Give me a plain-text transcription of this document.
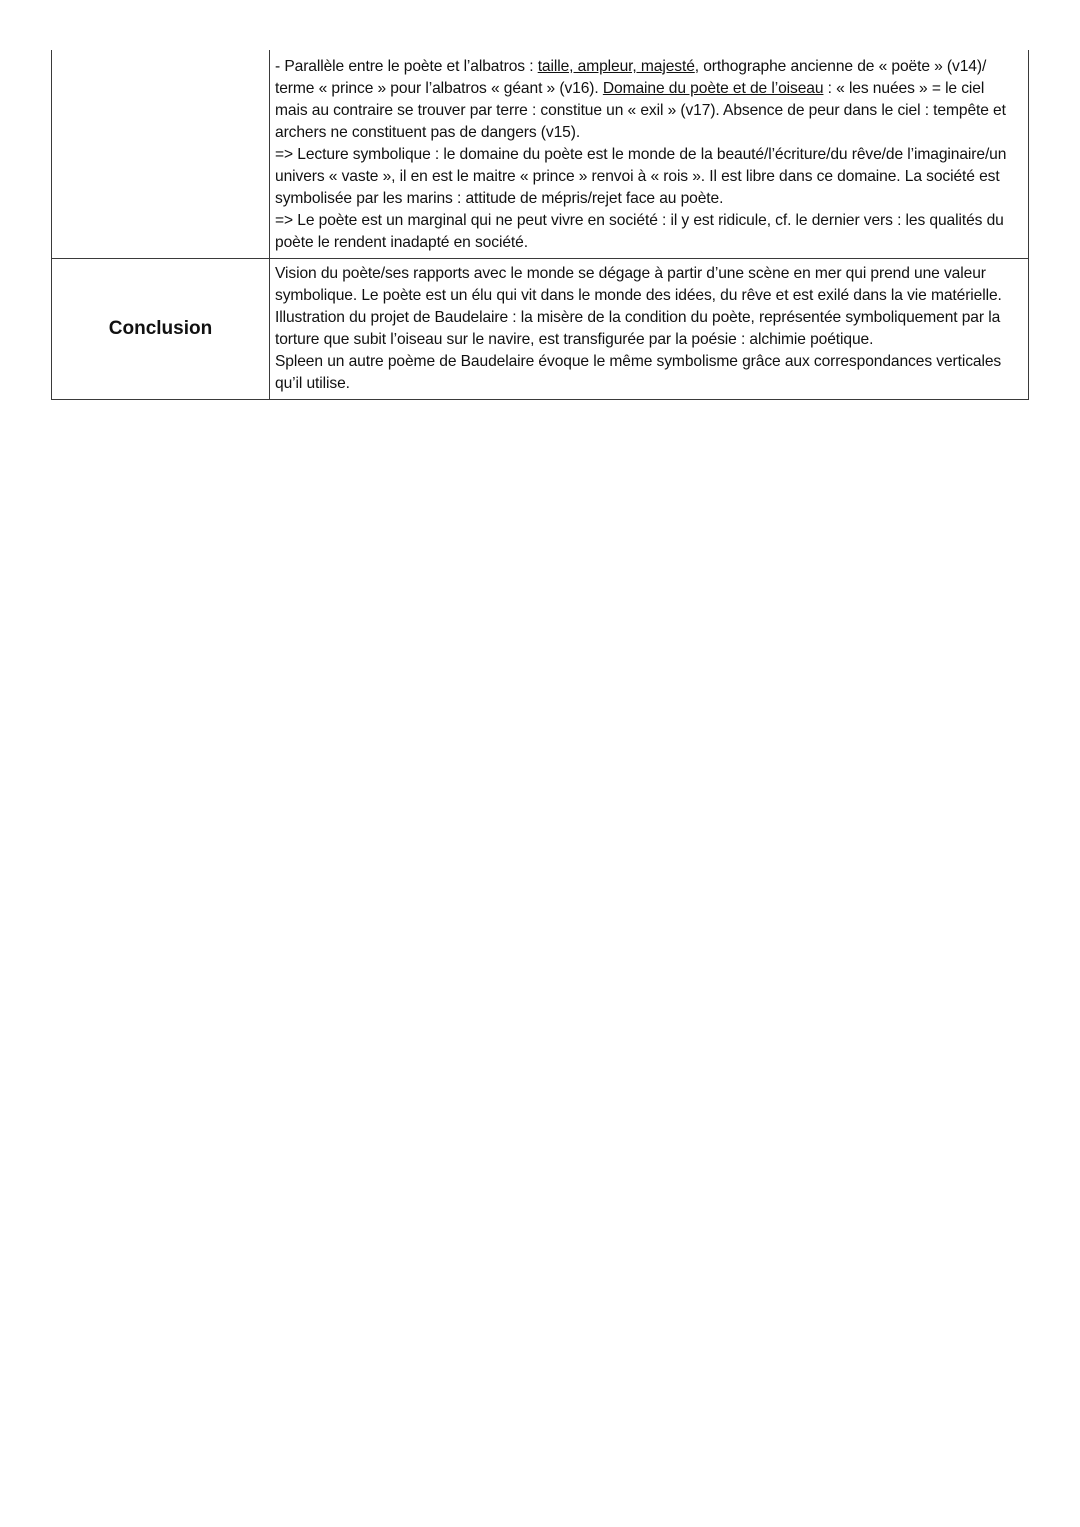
	- Parallèle entre le poète et l’albatros : taille, ampleur, majesté, orthographe ancienne de « poëte » (v14)/ terme « prince » pour l’albatros « géant » (v16). Domaine du poète et de l’oiseau : « les nuées » = le ciel mais au contraire se trouver par terre : constitue un « exil » (v17). Absence de peur dans le ciel : tempête et archers ne constituent pas de dangers (v15).
=> Lecture symbolique : le domaine du poète est le monde de la beauté/l’écriture/du rêve/de l’imaginaire/un univers « vaste », il en est le maitre « prince » renvoi à « rois ». Il est libre dans ce domaine. La société est symbolisée par les marins : attitude de mépris/rejet face au poète.
=> Le poète est un marginal qui ne peut vivre en société : il y est ridicule, cf. le dernier vers : les qualités du poète le rendent inadapté en société.

Conclusion	Vision du poète/ses rapports avec le monde se dégage à partir d’une scène en mer qui prend une valeur symbolique. Le poète est un élu qui vit dans le monde des idées, du rêve et est exilé dans la vie matérielle. Illustration du projet de Baudelaire : la misère de la condition du poète, représentée symboliquement par la torture que subit l’oiseau sur le navire, est transfigurée par la poésie : alchimie poétique.
Spleen un autre poème de Baudelaire évoque le même symbolisme grâce aux correspondances verticales qu’il utilise.
